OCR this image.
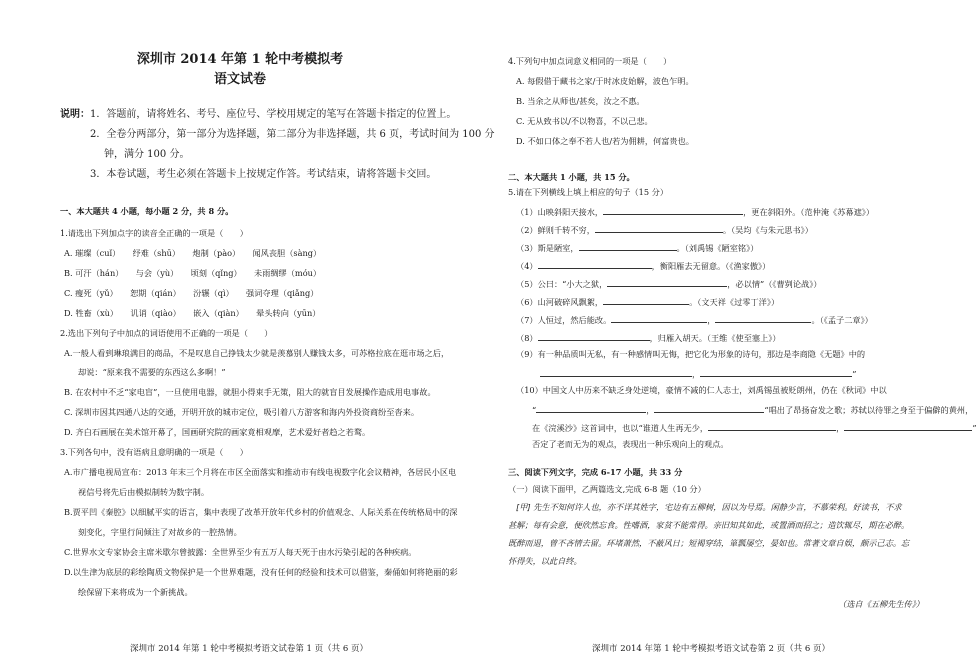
深圳市 2014 年第 1 轮中考模拟考
语文试卷
说明： 1．答题前，请将姓名、考号、座位号、学校用规定的笔写在答题卡指定的位置上。
2．全卷分两部分，第一部分为选择题，第二部分为非选择题，共 6 页，考试时间为 100 分
钟，满分 100 分。
3．本卷试题，考生必须在答题卡上按规定作答。考试结束，请将答题卡交回。
一、本大题共 4 小题，每小题 2 分，共 8 分。
1.请选出下列加点字的读音全正确的一项是（　　）
A. 璀璨（cuǐ）　　纾难（shū）　　炮制（pào）　　闻风丧胆（sàng）
B. 可汗（hán）　　与会（yù）　　顷刻（qǐng）　　未雨绸缪（móu）
C. 瘦死（yǔ）　　恕期（qián）　　汾辗（qì）　　强词夺理（qiǎng）
D. 牲畜（xù）　　讥诮（qiào）　　嵌入（qiàn）　　晕头转向（yūn）
2.选出下列句子中加点的词语使用不正确的一项是（　　）
A.一般人看到琳琅满目的商品，不是叹息自己挣钱太少就是羡慕别人赚钱太多，可苏格拉底在逛市场之后，
却说：“原来我不需要的东西这么多啊！”
B. 在农村中不乏“家电盲”，一旦使用电器，就胆小得束手无策，阻大的就盲目发展操作造成用电事故。
C. 深圳市因其四通八达的交通，开明开放的城市定位，吸引着八方游客和海内外投资商纷至沓来。
D. 齐白石画展在美术馆开幕了，国画研究院的画家竟相观摩，艺术爱好者趋之若鹜。
3.下列各句中，没有语病且意明确的一项是（　　）
A.市广播电视局宣布：2013 年末三个月将在市区全面落实和推动市有线电视数字化会议精神，各居民小区电
视信号将先后由模拟制转为数字制。
B.贾平凹《秦腔》以细腻平实的语言，集中表现了改革开放年代乡村的价值观念、人际关系在传统格局中的深
刻变化，字里行间倾注了对故乡的一腔热情。
C.世界水文专家协会主席米歇尔曾披露：全世界至少有五万人每天死于由水污染引起的各种疾病。
D.以生津为底层的彩绘陶质文物保护是一个世界难题，没有任何的经验和技术可以借鉴，秦俑如何将艳丽的彩
绘保留下来将成为一个新挑战。
深圳市 2014 年第 1 轮中考模拟考语文试卷第 1 页（共 6 页）
4.下列句中加点词意义相同的一项是（　　）
A. 每假借于藏书之家/于时冰皮始解，波色乍明。
B. 当余之从师也/甚矣，汝之不惠。
C. 无从致书以/不以物喜，不以己悲。
D. 不如口体之奉不若人也/若为佣耕，何富贵也。
二、本大题共 1 小题，共 15 分。
5.请在下列横线上填上相应的句子（15 分）
（1）山映斜阳天接水，	，更在斜阳外。（范仲淹《苏幕遮》）
（2）鲜则千转不穷，	。（吴均《与朱元思书》）
（3）斯是陋室，	。（刘禹锡《陋室铭》）
（4）	，衡阳雁去无留意。（《渔家傲》）
（5）公曰：“小大之狱，	，必以情”（《曹刿论战》）
（6）山河破碎风飘絮，	。（文天祥《过零丁洋》）
（7）人恒过，然后能改。	，	。（《孟子二章》）
（8）	，归雁入胡天。（王维《使至塞上》）
（9）有一种品质叫无私，有一种感情叫无悔，把它化为形象的诗句，那边是李商隐《无题》中的
，	”
（10）中国文人中历来不缺乏身处逆境，豪情不减的仁人志士，刘禹锡虽被贬朗州，仍在《秋词》中以
“	，	“唱出了昂扬奋发之歌；苏轼以待罪之身至于偏僻的黄州，
在《浣溪沙》这首词中，也以“谁道人生再无少，	，	”
否定了老而无为的观点，表现出一种乐观向上的观点。
三、阅读下列文字，完成 6-17 小题，共 33 分
（一）阅读下面甲，乙两篇选文,完成 6-8 题（10 分）
[甲] 先生不知何许人也，亦不详其姓字，宅边有五柳树，因以为号焉。闲静少言，不慕荣利。好读书，不求
甚解；每有会意，便欣然忘食。性嗜酒，家贫不能常得。亲旧知其如此，或置酒而招之；造饮辄尽，期在必醉。
既醉而退，曾不吝情去留。环堵萧然，不蔽风日；短褐穿结，箪瓢屡空，晏如也。常著文章自娱，颇示己志。忘
怀得失，以此自终。
（选自《五柳先生传》）
深圳市 2014 年第 1 轮中考模拟考语文试卷第 2 页（共 6 页）
